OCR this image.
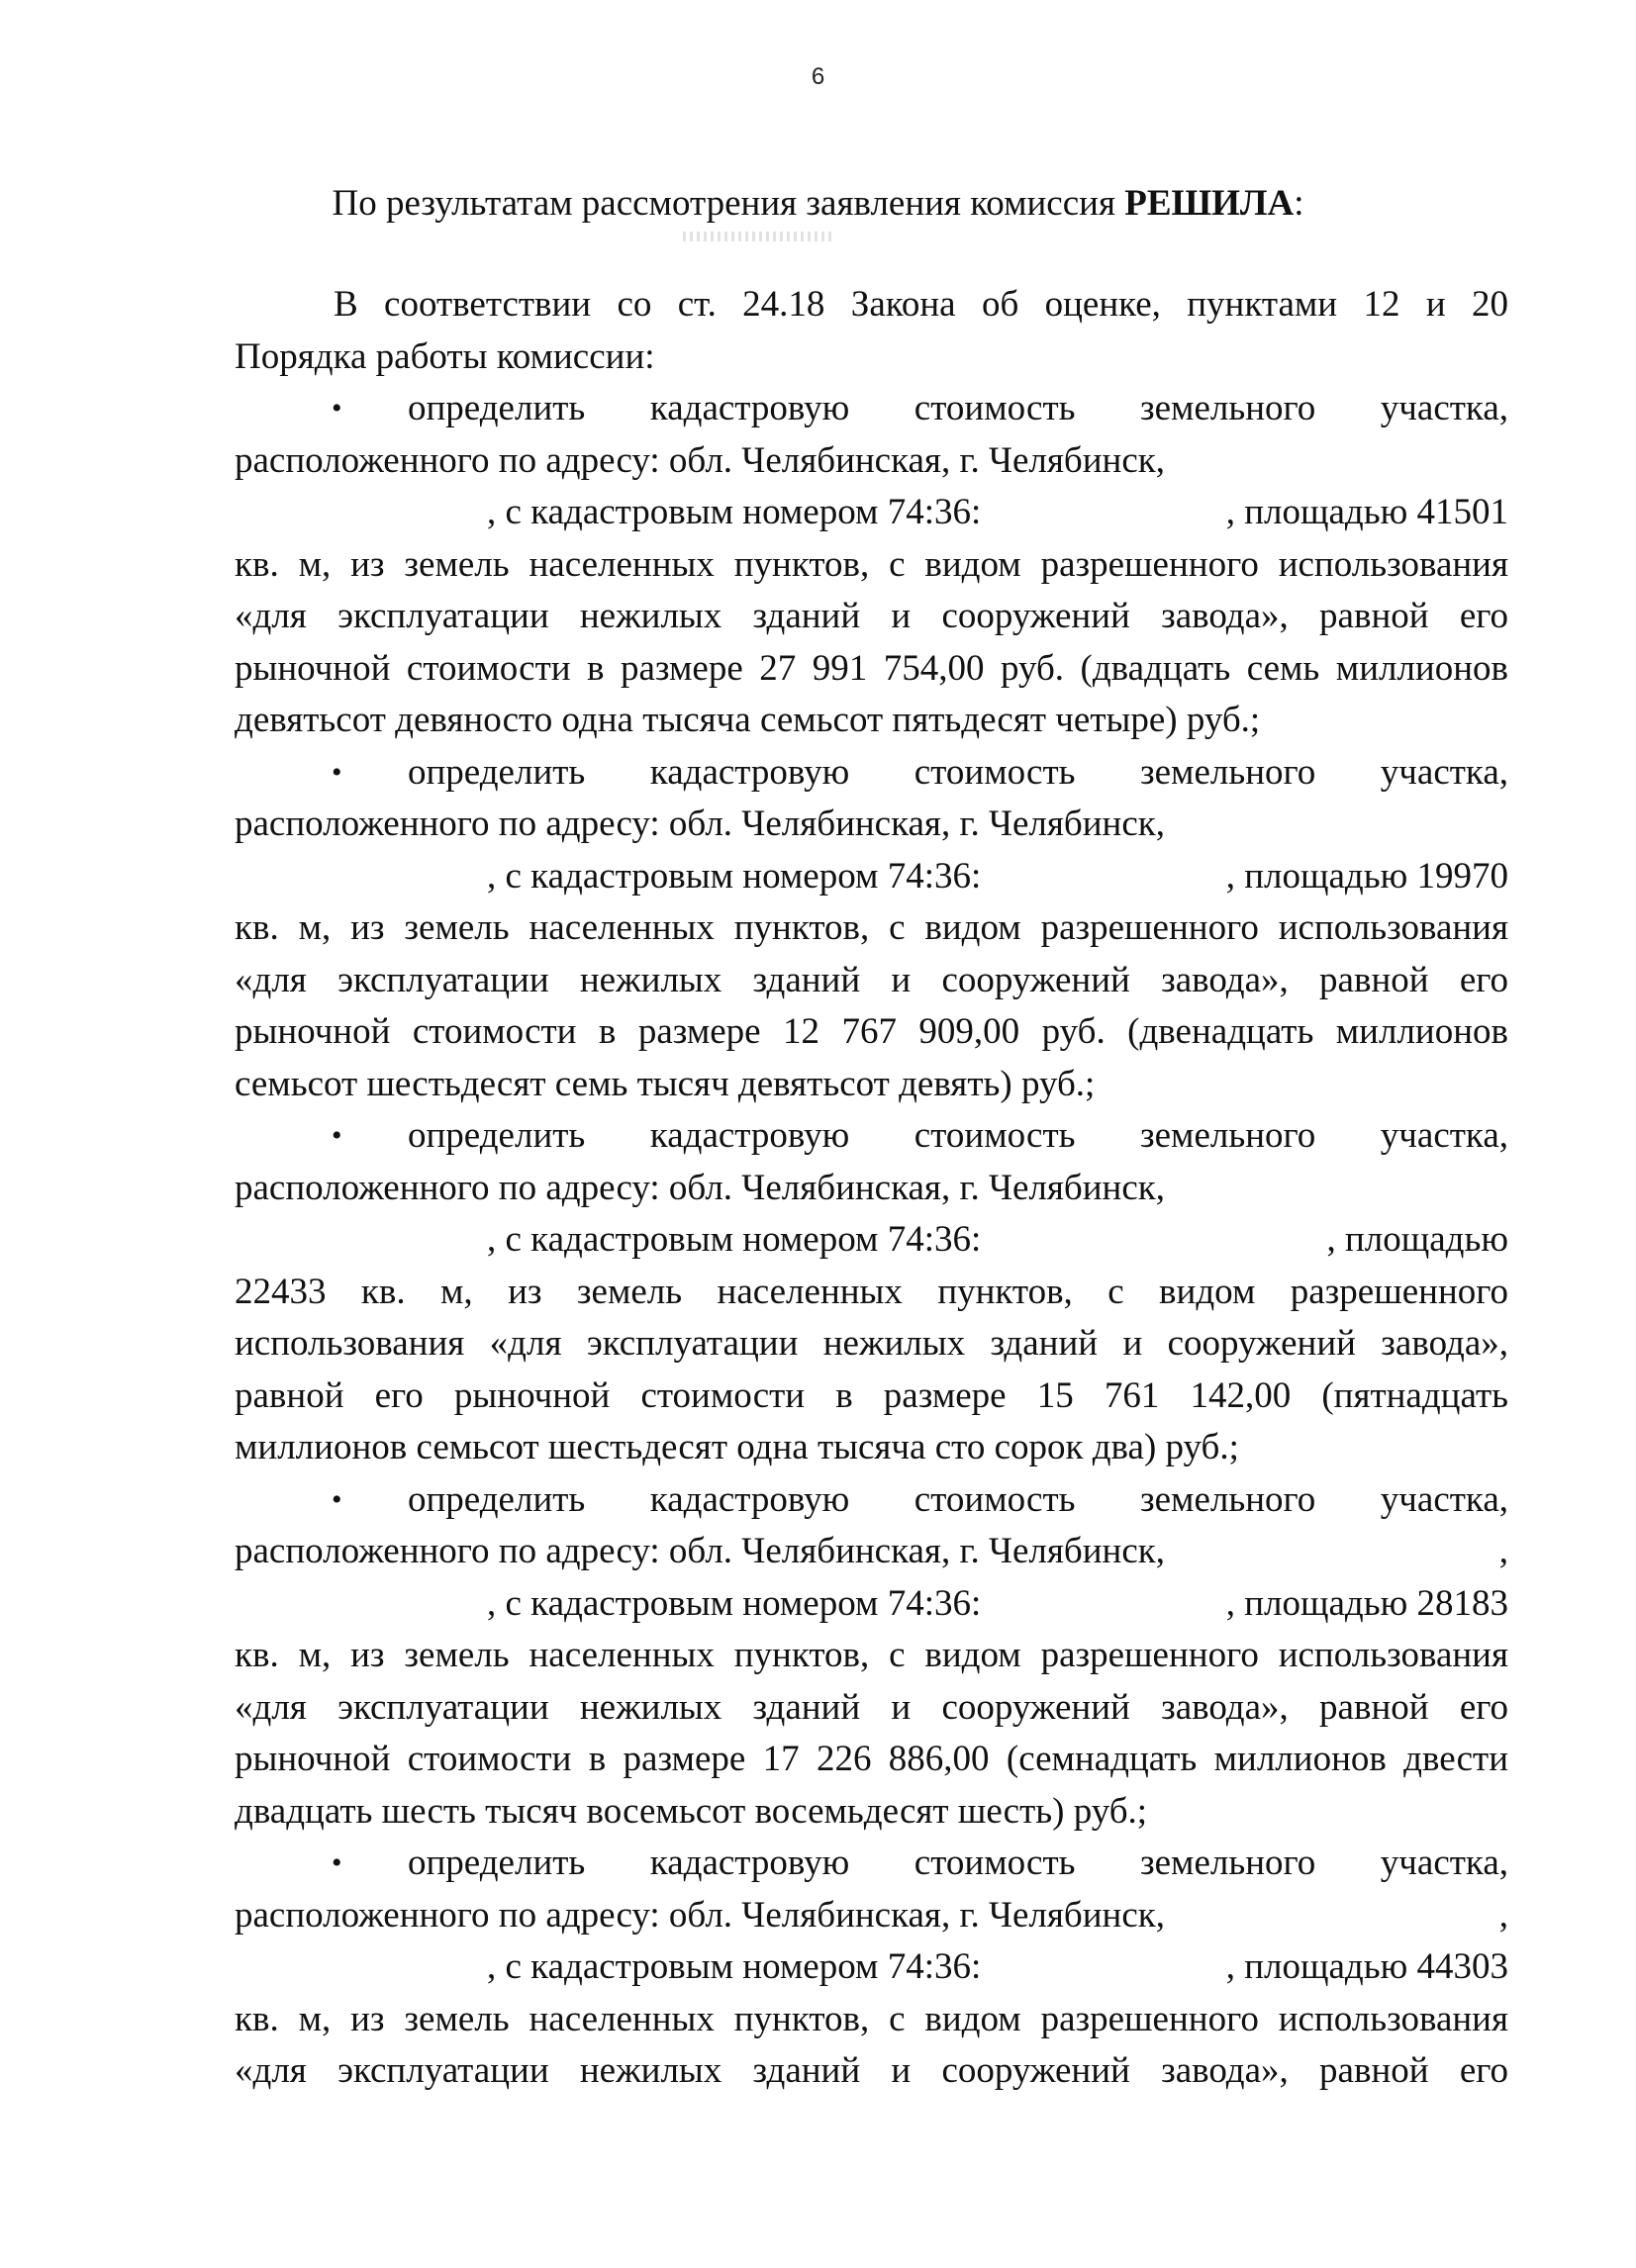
6
По результатам рассмотрения заявления комиссия РЕШИЛА:
В соответствии со ст. 24.18 Закона об оценке, пунктами 12 и 20
Порядка работы комиссии:
•	определить кадастровую стоимость земельного участка,
расположенного по адресу: обл. Челябинская, г. Челябинск,
, с кадастровым номером 74:36:	, площадью 41501
кв. м, из земель населенных пунктов, с видом разрешенного использования
«для эксплуатации нежилых зданий и сооружений завода», равной его
рыночной стоимости в размере 27 991 754,00 руб. (двадцать семь миллионов
девятьсот девяносто одна тысяча семьсот пятьдесят четыре) руб.;
•	определить кадастровую стоимость земельного участка,
расположенного по адресу: обл. Челябинская, г. Челябинск,
, с кадастровым номером 74:36:	, площадью 19970
кв. м, из земель населенных пунктов, с видом разрешенного использования
«для эксплуатации нежилых зданий и сооружений завода», равной его
рыночной стоимости в размере 12 767 909,00 руб. (двенадцать миллионов
семьсот шестьдесят семь тысяч девятьсот девять) руб.;
•	определить кадастровую стоимость земельного участка,
расположенного по адресу: обл. Челябинская, г. Челябинск,
, с кадастровым номером 74:36:	, площадью
22433 кв. м, из земель населенных пунктов, с видом разрешенного
использования «для эксплуатации нежилых зданий и сооружений завода»,
равной его рыночной стоимости в размере 15 761 142,00 (пятнадцать
миллионов семьсот шестьдесят одна тысяча сто сорок два) руб.;
•	определить кадастровую стоимость земельного участка,
расположенного по адресу: обл. Челябинская, г. Челябинск,	,
, с кадастровым номером 74:36:	, площадью 28183
кв. м, из земель населенных пунктов, с видом разрешенного использования
«для эксплуатации нежилых зданий и сооружений завода», равной его
рыночной стоимости в размере 17 226 886,00 (семнадцать миллионов двести
двадцать шесть тысяч восемьсот восемьдесят шесть) руб.;
•	определить кадастровую стоимость земельного участка,
расположенного по адресу: обл. Челябинская, г. Челябинск,	,
, с кадастровым номером 74:36:	, площадью 44303
кв. м, из земель населенных пунктов, с видом разрешенного использования
«для эксплуатации нежилых зданий и сооружений завода», равной его
